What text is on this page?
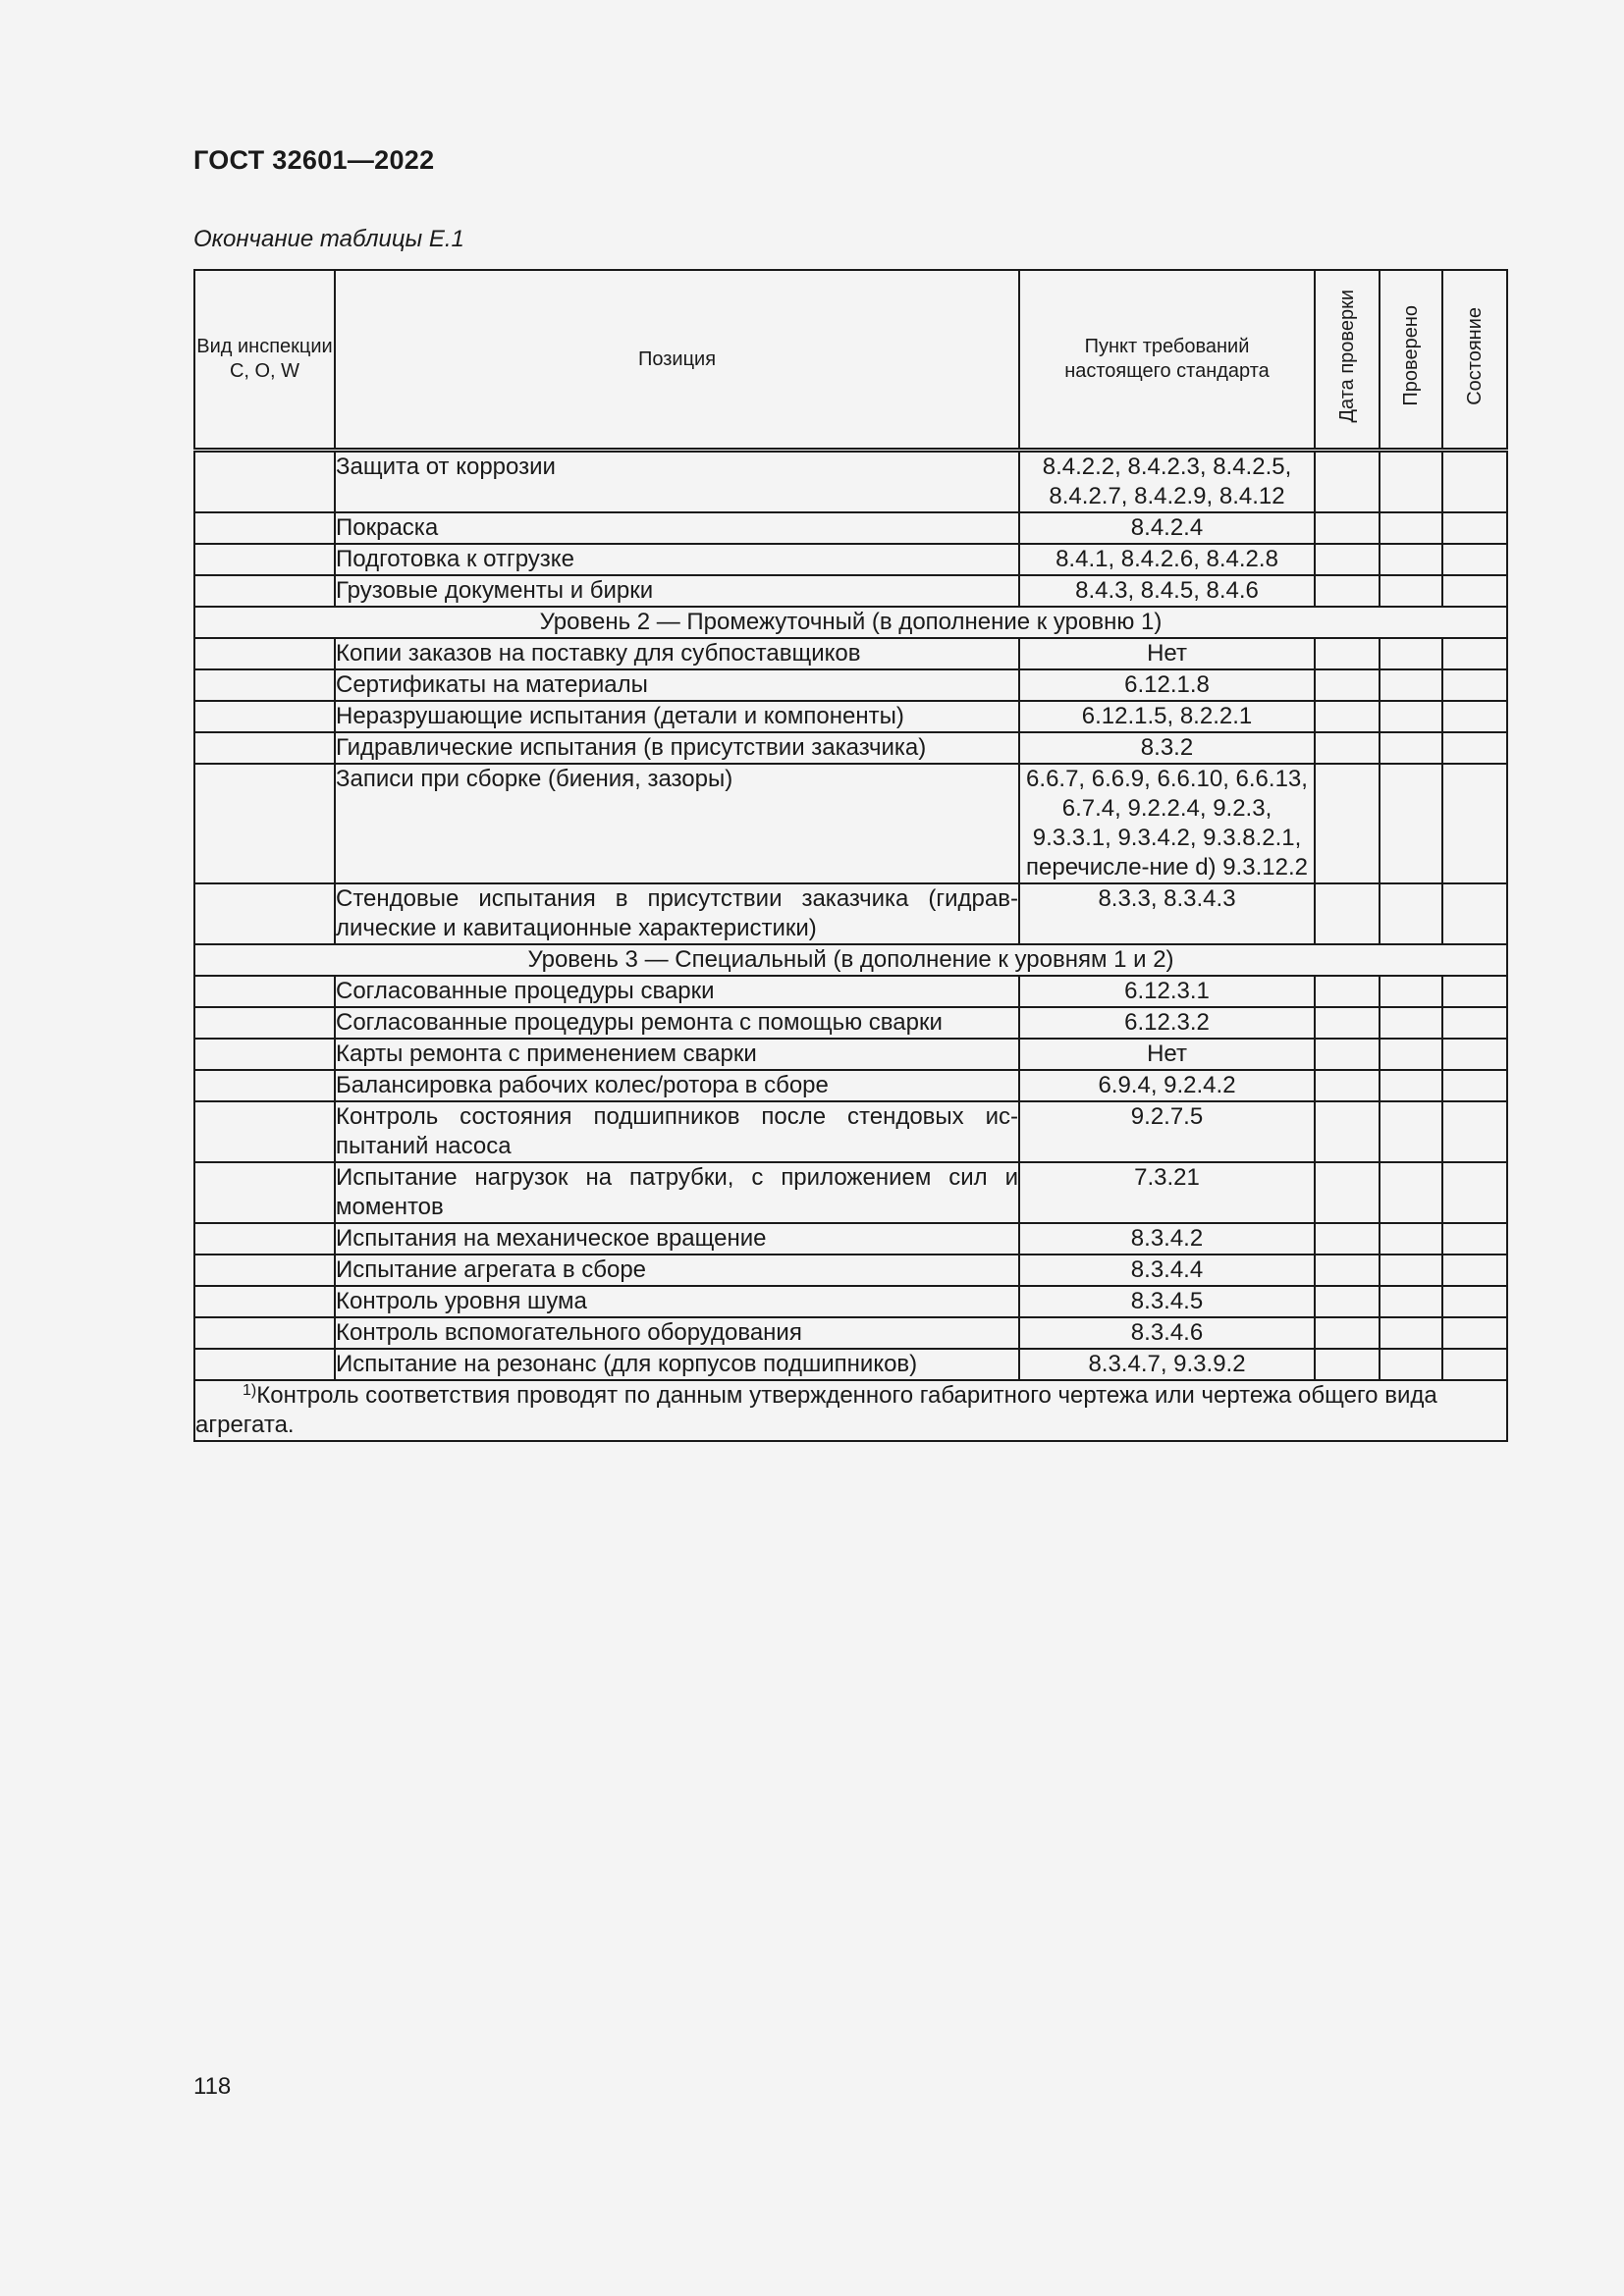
ГОСТ 32601—2022
Окончание таблицы Е.1
Вид инспекции С, О, W	Позиция	Пункт требований настоящего стандарта	Дата проверки	Проверено	Состояние
	Защита от коррозии	8.4.2.2, 8.4.2.3, 8.4.2.5, 8.4.2.7, 8.4.2.9, 8.4.12			
	Покраска	8.4.2.4			
	Подготовка к отгрузке	8.4.1, 8.4.2.6, 8.4.2.8			
	Грузовые документы и бирки	8.4.3, 8.4.5, 8.4.6			
Уровень 2 — Промежуточный (в дополнение к уровню 1)					
	Копии заказов на поставку для субпоставщиков	Нет			
	Сертификаты на материалы	6.12.1.8			
	Неразрушающие испытания (детали и компоненты)	6.12.1.5, 8.2.2.1			
	Гидравлические испытания (в присутствии заказчика)	8.3.2			
	Записи при сборке (биения, зазоры)	6.6.7, 6.6.9, 6.6.10, 6.6.13, 6.7.4, 9.2.2.4, 9.2.3, 9.3.3.1, 9.3.4.2, 9.3.8.2.1, перечисле-ние d) 9.3.12.2			
	Стендовые испытания в присутствии заказчика (гидрав-лические и кавитационные характеристики)	8.3.3, 8.3.4.3			
Уровень 3 — Специальный (в дополнение к уровням 1 и 2)					
	Согласованные процедуры сварки	6.12.3.1			
	Согласованные процедуры ремонта с помощью сварки	6.12.3.2			
	Карты ремонта с применением сварки	Нет			
	Балансировка рабочих колес/ротора в сборе	6.9.4, 9.2.4.2			
	Контроль состояния подшипников после стендовых ис-пытаний насоса	9.2.7.5			
	Испытание нагрузок на патрубки, с приложением сил и моментов	7.3.21			
	Испытания на механическое вращение	8.3.4.2			
	Испытание агрегата в сборе	8.3.4.4			
	Контроль уровня шума	8.3.4.5			
	Контроль вспомогательного оборудования	8.3.4.6			
	Испытание на резонанс (для корпусов подшипников)	8.3.4.7, 9.3.9.2			
$^{1)}$Контроль соответствия проводят по данным утвержденного габаритного чертежа или чертежа общего вида агрегата.					
118
